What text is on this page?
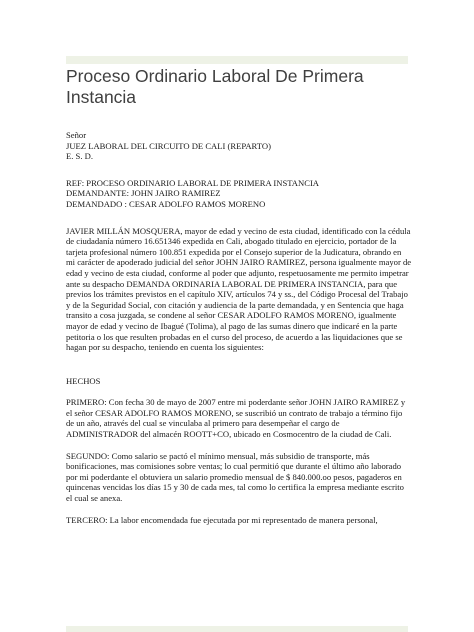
Proceso Ordinario Laboral De Primera Instancia

Señor

JUEZ LABORAL DEL CIRCUITO DE CALI (REPARTO)

E. S. D.

REF: PROCESO ORDINARIO LABORAL DE PRIMERA INSTANCIA

DEMANDANTE: JOHN JAIRO RAMIREZ

DEMANDADO : CESAR ADOLFO RAMOS MORENO

JAVIER MILLÁN MOSQUERA, mayor de edad y vecino de esta ciudad, identificado con la cédula de ciudadanía número 16.651346 expedida en Cali, abogado titulado en ejercicio, portador de la tarjeta profesional número 100.851 expedida por el Consejo superior de la Judicatura, obrando en mi carácter de apoderado judicial del señor JOHN JAIRO RAMIREZ, persona igualmente mayor de edad y vecino de esta ciudad, conforme al poder que adjunto, respetuosamente me permito impetrar ante su despacho DEMANDA ORDINARIA LABORAL DE PRIMERA INSTANCIA, para que previos los trámites previstos en el capítulo XIV, artículos 74 y ss., del Código Procesal del Trabajo y de la Seguridad Social, con citación y audiencia de la parte demandada, y en Sentencia que haga transito a cosa juzgada, se condene al señor CESAR ADOLFO RAMOS MORENO, igualmente mayor de edad y vecino de Ibagué (Tolima), al pago de las sumas dinero que indicaré en la parte petitoria o los que resulten probadas en el curso del proceso, de acuerdo a las liquidaciones que se hagan por su despacho, teniendo en cuenta los siguientes:

HECHOS

PRIMERO: Con fecha 30 de mayo de 2007 entre mi poderdante señor JOHN JAIRO RAMIREZ y el señor CESAR ADOLFO RAMOS MORENO, se suscribió un contrato de trabajo a término fijo de un año, através del cual se vinculaba al primero para desempeñar el cargo de ADMINISTRADOR del almacén ROOTT+CO, ubicado en Cosmocentro de la ciudad de Cali.

SEGUNDO: Como salario se pactó el mínimo mensual, más subsidio de transporte, más bonificaciones, mas comisiones sobre ventas; lo cual permitió que durante el último año laborado por mi poderdante el obtuviera un salario promedio mensual de $ 840.000.oo pesos, pagaderos en quincenas vencidas los días 15 y 30 de cada mes, tal como lo certifica la empresa mediante escrito el cual se anexa.

TERCERO: La labor encomendada fue ejecutada por mi representado de manera personal,
